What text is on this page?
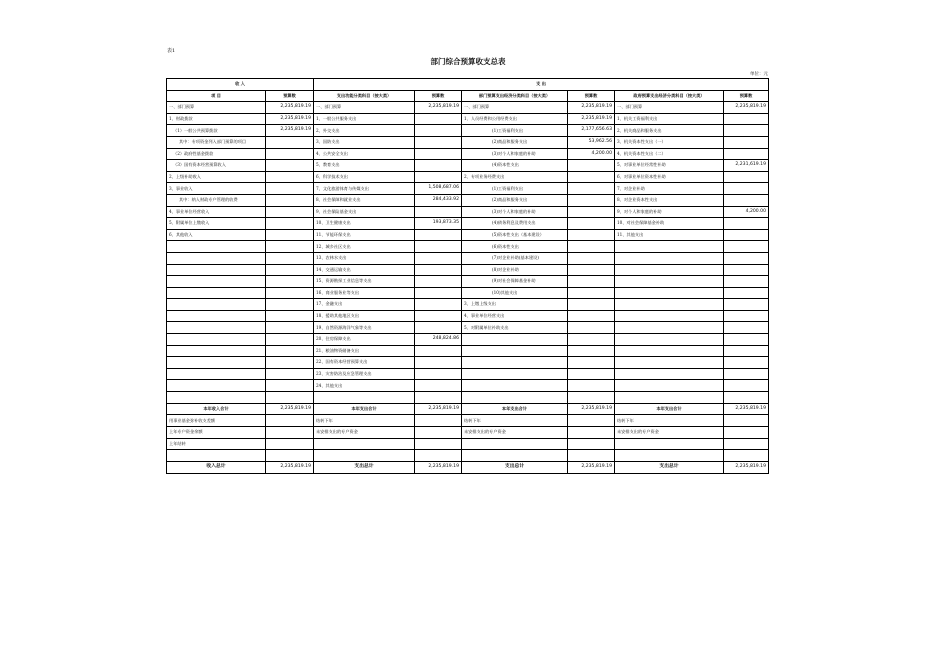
表1
部门综合预算收支总表
单位：元
收 入		支 出					
项 目	预算数	支出功能分类科目（按大类）	预算数	部门预算支出经济分类科目（按大类）	预算数	政府预算支出经济分类科目（按大类）	预算数
一、部门预算	2,235,819.19	一、部门预算	2,235,819.19	一、部门预算	2,235,819.19	一、部门预算	2,235,819.19
1、财政拨款	2,235,819.19	1、一般公共服务支出		1、人员经费和公用经费支出	2,235,819.19	1、机关工资福利支出	
（1）一般公共预算拨款	2,235,819.19	2、外交支出		(1)工资福利支出	2,177,656.63	2、机关商品和服务支出	
其中：专项资金列入部门预算的项目		3、国防支出		(2)商品和服务支出	53,962.56	3、机关资本性支出（一）	
（2）政府性基金拨款		4、公共安全支出		(3)对个人和家庭的补助	4,200.00	4、机关资本性支出（二）	
（3）国有资本经营预算收入		5、教育支出		(4)资本性支出		5、对事业单位经常性补助	2,231,619.19
2、上级补助收入		6、科学技术支出		2、专项业务经费支出		6、对事业单位资本性补助	
3、事业收入		7、文化旅游体育与传媒支出	1,508,687.06	(1)工资福利支出		7、对企业补助	
其中：纳入财政专户管理的收费		8、社会保障和就业支出	284,433.92	(2)商品和服务支出		8、对企业资本性支出	
4、事业单位经营收入		9、社会保险基金支出		(3)对个人和家庭的补助		9、对个人和家庭的补助	4,200.00
5、附属单位上缴收入		10、卫生健康支出	193,873.35	(4)债务利息及费用支出		10、对社会保障基金补助	
6、其他收入		11、节能环保支出		(5)资本性支出（基本建设）		11、其他支出	
		12、城乡社区支出		(6)资本性支出			
		13、农林水支出		(7)对企业补助(基本建设)			
		14、交通运输支出		(8)对企业补助			
		15、资源勘探工业信息等支出		(9)对社会保障基金补助			
		16、商业服务业等支出		(10)其他支出			
		17、金融支出		3、上缴上级支出			
		18、援助其他地区支出		4、事业单位经营支出			
		19、自然资源海洋气象等支出		5、对附属单位补助支出			
		20、住房保障支出	248,824.86				
		21、粮油物资储备支出					
		22、国有资本经营预算支出					
		23、灾害防治及应急管理支出					
		24、其他支出					

本年收入合计	2,235,819.19	本年支出合计	2,235,819.19	本年支出合计	2,235,819.19	本年支出合计	2,235,819.19
用事业基金弥补收支差额		结转下年		结转下年		结转下年	
上年专户资金余额		未安排支出的专户资金		未安排支出的专户资金		未安排支出的专户资金	
上年结转							

收入总计	2,235,819.19	支出总计	2,235,819.19	支出总计	2,235,819.19	支出总计	2,235,819.19
